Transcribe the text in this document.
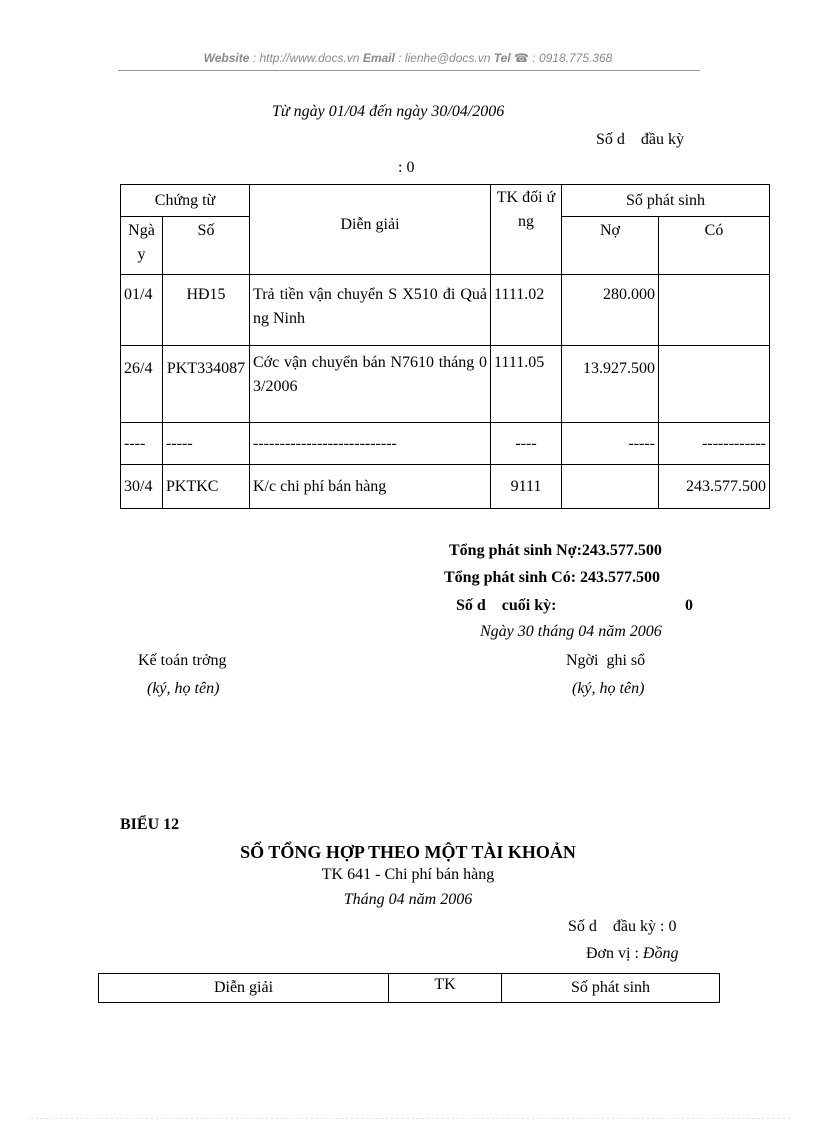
Website : http://www.docs.vn Email : lienhe@docs.vn Tel ☎ : 0918.775.368
Từ ngày 01/04 đến ngày 30/04/2006
Số d    đầu kỳ
: 0
Chứng từ		Diễn giải	TK đối ứng	Số phát sinh	
Ngà y	Số			Nợ	Có
01/4	HĐ15	Trả tiền vận chuyển S X510 đi Quảng Ninh	1111.02	280.000	
26/4	PKT334087	Cớc vận chuyển bán N7610 tháng 03/2006	1111.05	13.927.500	
----	-----	---------------------------	----	-----	------------
30/4	PKTKC	K/c chi phí bán hàng	9111		243.577.500
Tổng phát sinh Nợ:243.577.500
Tổng phát sinh Có: 243.577.500
Số d    cuối kỳ:	0
Ngày 30 tháng 04 năm 2006
Kế toán trởng
(ký, họ tên)
Ngời  ghi sổ
(ký, họ tên)
BIỂU 12
SỔ TỔNG HỢP THEO MỘT TÀI KHOẢN
TK 641 - Chi phí bán hàng
Tháng 04 năm 2006
Số d    đầu kỳ : 0
Đơn vị : Đồng
Diễn giải	TK	Số phát sinh
